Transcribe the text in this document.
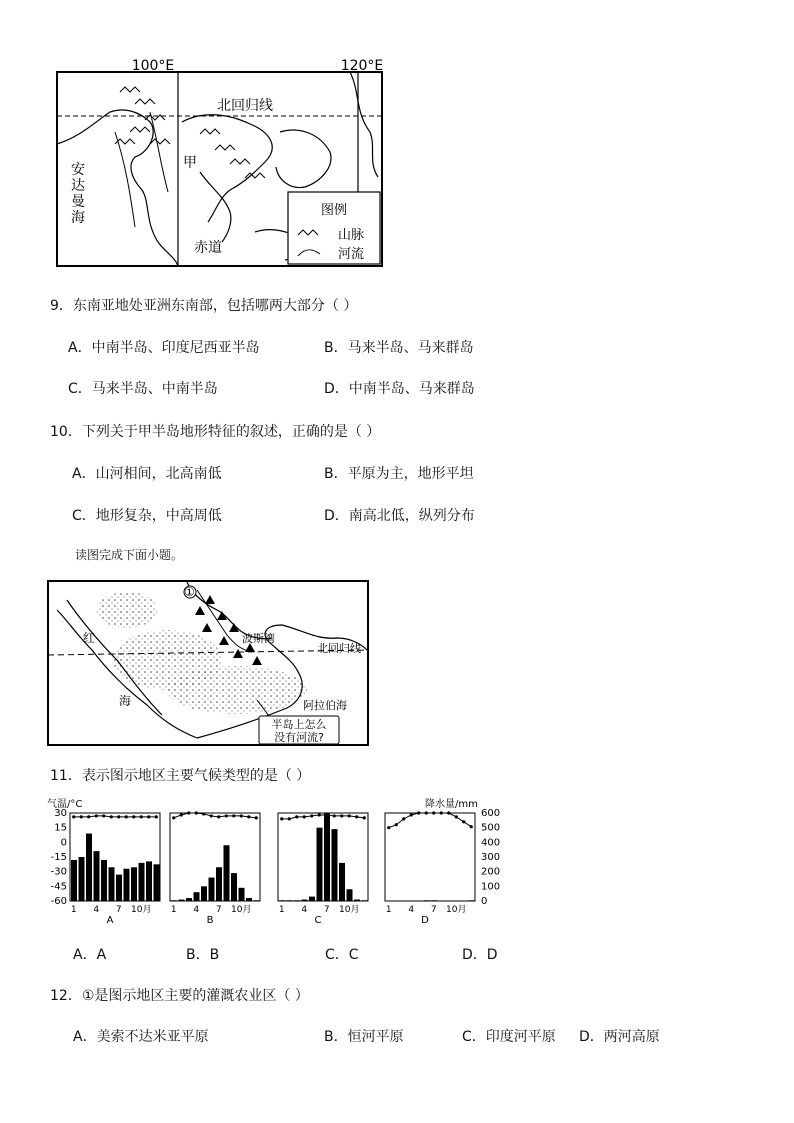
100°E	120°E
北回归线
安
达
曼
海
甲
赤道
图例
山脉
河流
9．东南亚地处亚洲东南部，包括哪两大部分（ ）
A．中南半岛、印度尼西亚半岛	B．马来半岛、马来群岛
C．马来半岛、中南半岛	D．中南半岛、马来群岛
10．下列关于甲半岛地形特征的叙述，正确的是（ ）
A．山河相间，北高南低	B．平原为主，地形平坦
C．地形复杂，中高周低	D．南高北低，纵列分布
读图完成下面小题。
①
红
海
波斯湾
北回归线
阿拉伯海
半岛上怎么
没有河流?
11．表示图示地区主要气候类型的是（ ）
气温/°C	降水量/mm
30
15
0
-15
-30
-45
-60
600
500
400
300
200
100
0
1 4 7 10月
A
1 4 7 10月
B
1 4 7 10月
C
1 4 7 10月
D
A．A	B．B	C．C	D．D
12．①是图示地区主要的灌溉农业区（ ）
A．美索不达米亚平原	B．恒河平原	C．印度河平原 D．两河高原
